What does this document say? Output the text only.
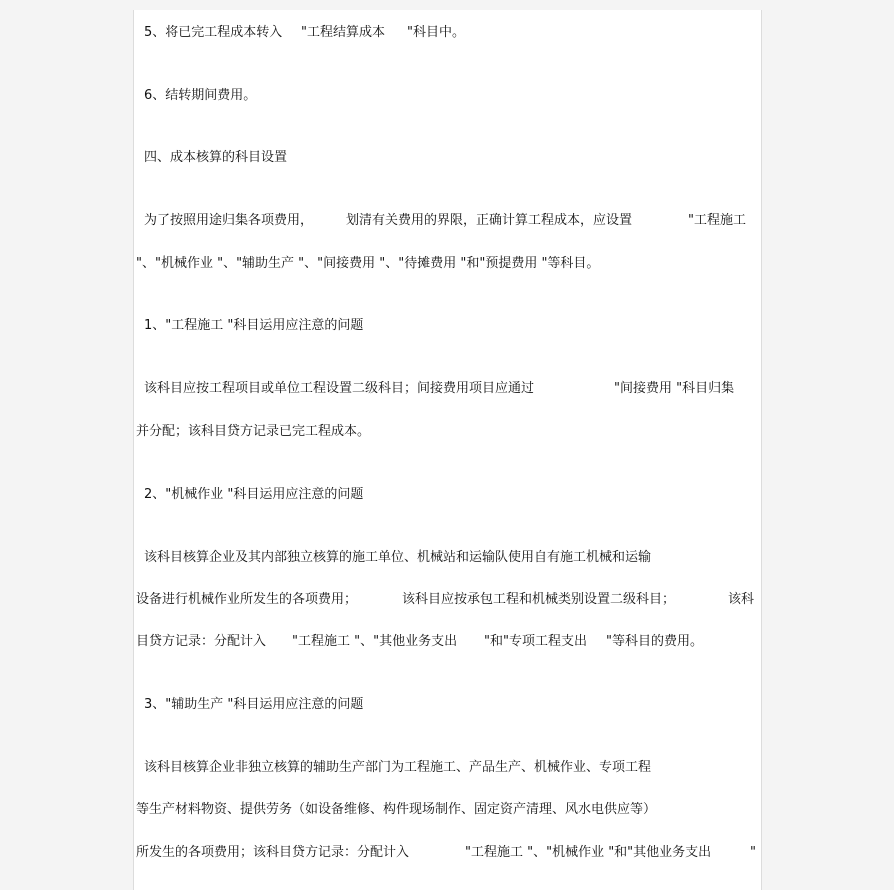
5、将已完工程成本转入 "工程结算成本 "科目中。
6、结转期间费用。
四、成本核算的科目设置
为了按照用途归集各项费用，	划清有关费用的界限，正确计算工程成本，应设置	"工程施工
"、"机械作业 "、"辅助生产 "、"间接费用 "、"待摊费用 "和"预提费用 "等科目。
1、"工程施工 "科目运用应注意的问题
该科目应按工程项目或单位工程设置二级科目；间接费用项目应通过	"间接费用 "科目归集
并分配；该科目贷方记录已完工程成本。
2、"机械作业 "科目运用应注意的问题
该科目核算企业及其内部独立核算的施工单位、机械站和运输队使用自有施工机械和运输
设备进行机械作业所发生的各项费用；	该科目应按承包工程和机械类别设置二级科目；	该科
目贷方记录：分配计入 "工程施工 "、"其他业务支出 "和"专项工程支出 "等科目的费用。
3、"辅助生产 "科目运用应注意的问题
该科目核算企业非独立核算的辅助生产部门为工程施工、产品生产、机械作业、专项工程
等生产材料物资、提供劳务（如设备维修、构件现场制作、固定资产清理、风水电供应等）
所发生的各项费用；该科目贷方记录：分配计入	"工程施工 "、"机械作业 "和"其他业务支出	"
